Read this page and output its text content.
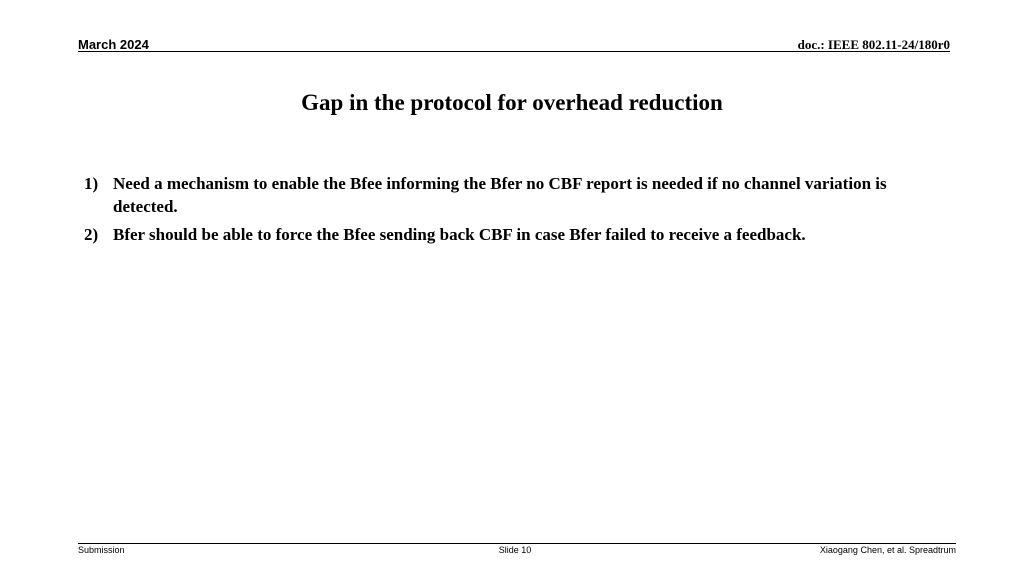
March 2024	doc.: IEEE 802.11-24/180r0
Gap in the protocol for overhead reduction
1) Need a mechanism to enable the Bfee informing the Bfer no CBF report is needed if no channel variation is detected.
2) Bfer should be able to force the Bfee sending back CBF in case Bfer failed to receive a feedback.
Submission	Slide 10	Xiaogang Chen, et al. Spreadtrum
